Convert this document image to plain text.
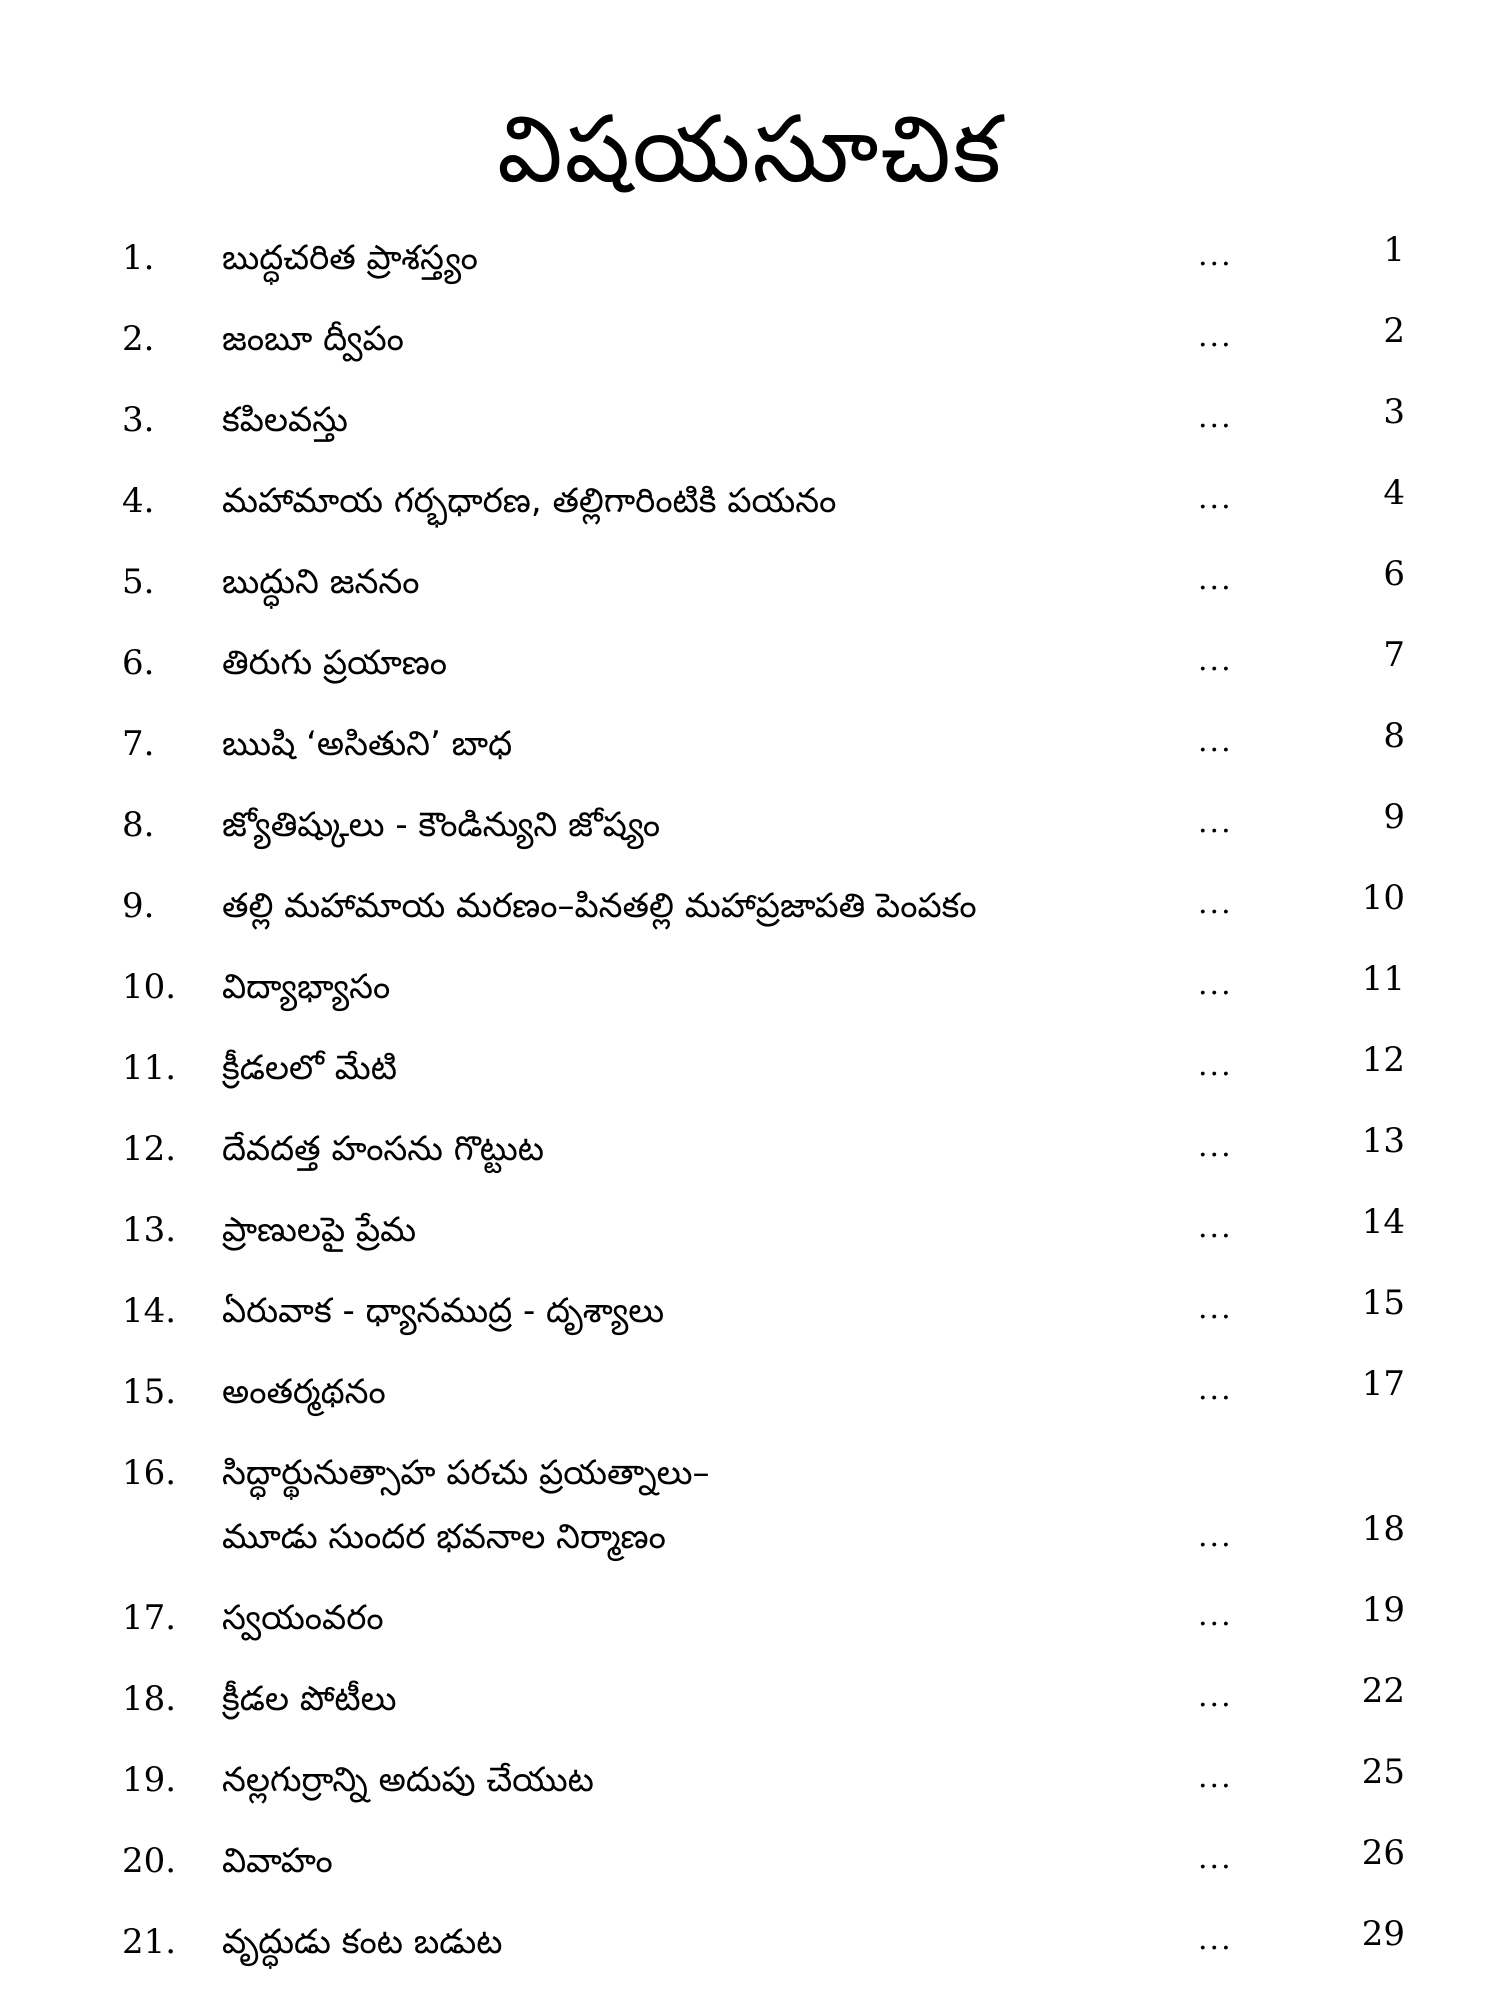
విషయసూచిక
1.	బుద్ధచరిత ప్రాశస్త్యం	...	1
2.	జంబూ ద్వీపం	...	2
3.	కపిలవస్తు	...	3
4.	మహామాయ గర్భధారణ, తల్లిగారింటికి పయనం	...	4
5.	బుద్ధుని జననం	...	6
6.	తిరుగు ప్రయాణం	...	7
7.	ఋషి ‘అసితుని’ బాధ	...	8
8.	జ్యోతిష్కులు - కౌండిన్యుని జోష్యం	...	9
9.	తల్లి మహామాయ మరణం–పినతల్లి మహాప్రజాపతి పెంపకం	...	10
10.	విద్యాభ్యాసం	...	11
11.	క్రీడలలో మేటి	...	12
12.	దేవదత్త హంసను గొట్టుట	...	13
13.	ప్రాణులపై ప్రేమ	...	14
14.	ఏరువాక - ధ్యానముద్ర - దృశ్యాలు	...	15
15.	అంతర్మథనం	...	17
16.	సిద్ధార్థునుత్సాహ పరచు ప్రయత్నాలు–
మూడు సుందర భవనాల నిర్మాణం	...	18
17.	స్వయంవరం	...	19
18.	క్రీడల పోటీలు	...	22
19.	నల్లగుర్రాన్ని అదుపు చేయుట	...	25
20.	వివాహం	...	26
21.	వృద్ధుడు కంట బడుట	...	29
